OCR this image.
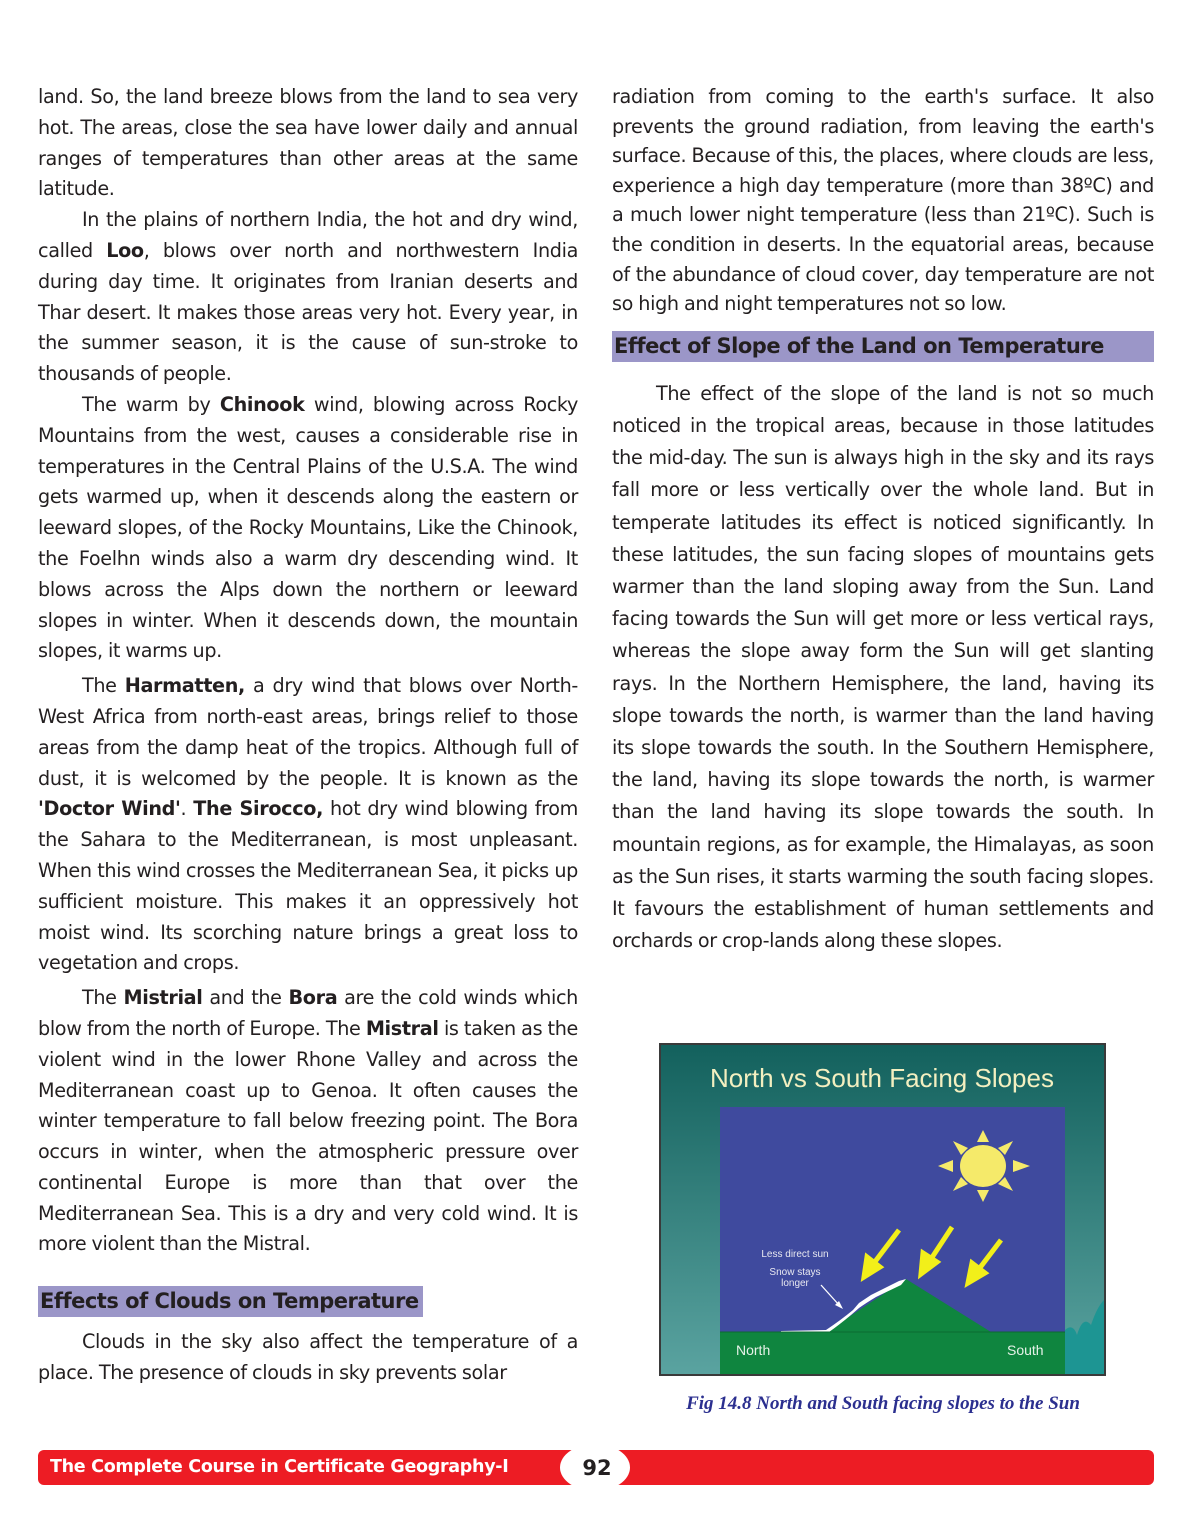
land. So, the land breeze blows from the land to sea very hot. The areas, close the sea have lower daily and annual ranges of temperatures than other areas at the same latitude.

In the plains of northern India, the hot and dry wind, called Loo, blows over north and northwestern India during day time. It originates from Iranian deserts and Thar desert. It makes those areas very hot. Every year, in the summer season, it is the cause of sun-stroke to thousands of people.

The warm by Chinook wind, blowing across Rocky Mountains from the west, causes a considerable rise in temperatures in the Central Plains of the U.S.A. The wind gets warmed up, when it descends along the eastern or leeward slopes, of the Rocky Mountains, Like the Chinook, the Foelhn winds also a warm dry descending wind. It blows across the Alps down the northern or leeward slopes in winter. When it descends down, the mountain slopes, it warms up.

The Harmatten, a dry wind that blows over North-West Africa from north-east areas, brings relief to those areas from the damp heat of the tropics. Although full of dust, it is welcomed by the people. It is known as the 'Doctor Wind'. The Sirocco, hot dry wind blowing from the Sahara to the Mediterranean, is most unpleasant. When this wind crosses the Mediterranean Sea, it picks up sufficient moisture. This makes it an oppressively hot moist wind. Its scorching nature brings a great loss to vegetation and crops.

The Mistrial and the Bora are the cold winds which blow from the north of Europe. The Mistral is taken as the violent wind in the lower Rhone Valley and across the Mediterranean coast up to Genoa. It often causes the winter temperature to fall below freezing point. The Bora occurs in winter, when the atmospheric pressure over continental Europe is more than that over the Mediterranean Sea. This is a dry and very cold wind. It is more violent than the Mistral.

Effects of Clouds on Temperature

Clouds in the sky also affect the temperature of a place. The presence of clouds in sky prevents solar

radiation from coming to the earth's surface. It also prevents the ground radiation, from leaving the earth's surface. Because of this, the places, where clouds are less, experience a high day temperature (more than 38ºC) and a much lower night temperature (less than 21ºC). Such is the condition in deserts. In the equatorial areas, because of the abundance of cloud cover, day temperature are not so high and night temperatures not so low.

Effect of Slope of the Land on Temperature

The effect of the slope of the land is not so much noticed in the tropical areas, because in those latitudes the mid-day. The sun is always high in the sky and its rays fall more or less vertically over the whole land. But in temperate latitudes its effect is noticed significantly. In these latitudes, the sun facing slopes of mountains gets warmer than the land sloping away from the Sun. Land facing towards the Sun will get more or less vertical rays, whereas the slope away form the Sun will get slanting rays. In the Northern Hemisphere, the land, having its slope towards the north, is warmer than the land having its slope towards the south. In the Southern Hemisphere, the land, having its slope towards the north, is warmer than the land having its slope towards the south. In mountain regions, as for example, the Himalayas, as soon as the Sun rises, it starts warming the south facing slopes. It favours the establishment of human settlements and orchards or crop-lands along these slopes.

North vs South Facing Slopes
Less direct sun
Snow stays
longer
North	South
Fig 14.8 North and South facing slopes to the Sun
The Complete Course in Certificate Geography-I	92
